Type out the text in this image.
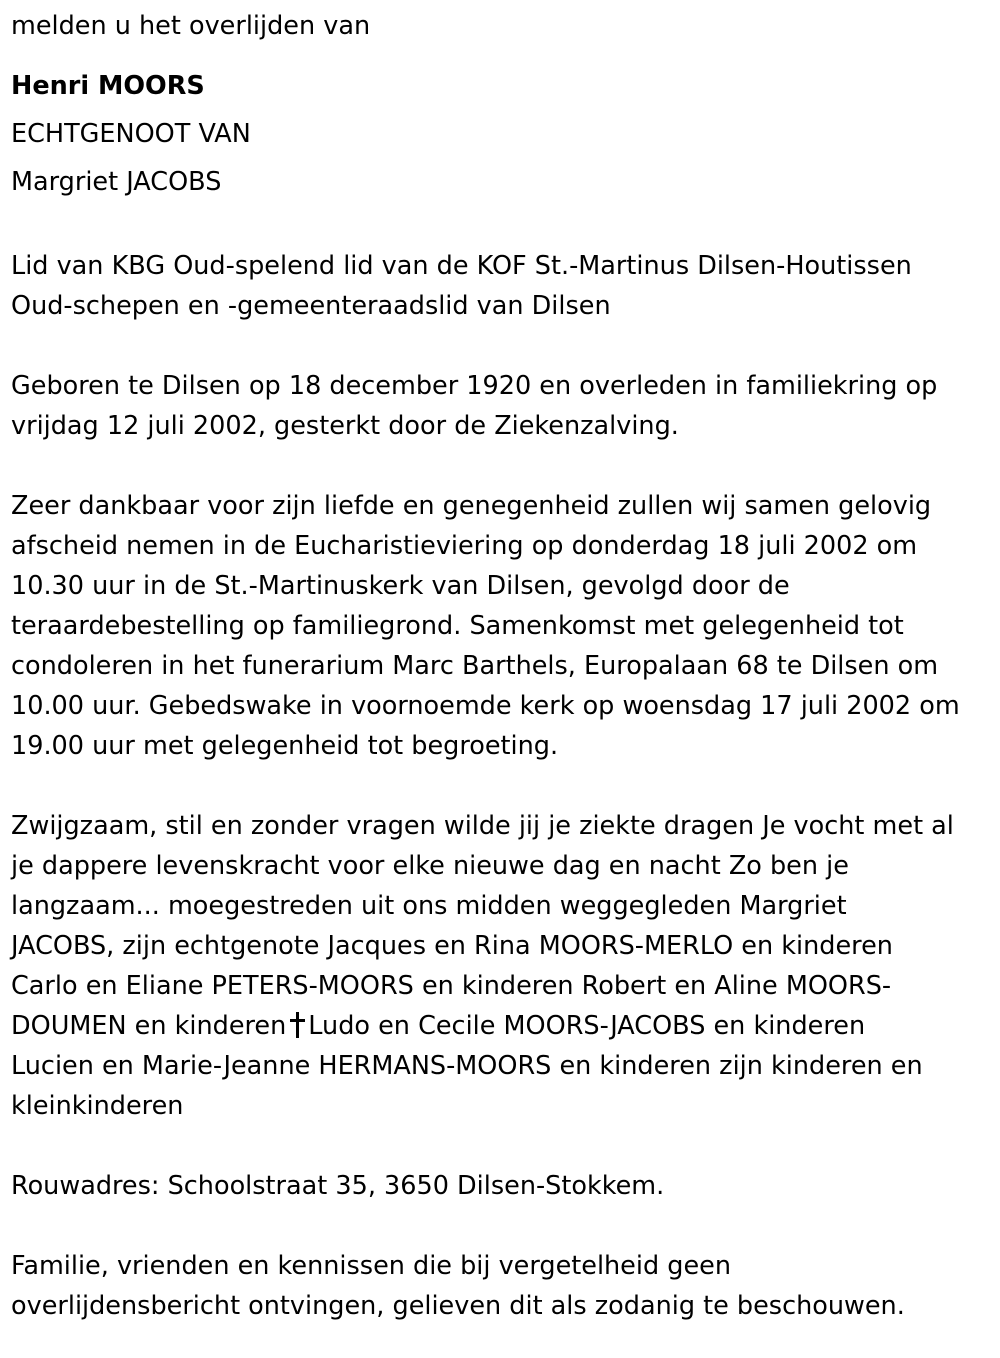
melden u het overlijden van
Henri MOORS
ECHTGENOOT VAN
Margriet JACOBS
Lid van KBG Oud-spelend lid van de KOF St.-Martinus Dilsen-Houtissen
Oud-schepen en -gemeenteraadslid van Dilsen
Geboren te Dilsen op 18 december 1920 en overleden in familiekring op
vrijdag 12 juli 2002, gesterkt door de Ziekenzalving.
Zeer dankbaar voor zijn liefde en genegenheid zullen wij samen gelovig
afscheid nemen in de Eucharistieviering op donderdag 18 juli 2002 om
10.30 uur in de St.-Martinuskerk van Dilsen, gevolgd door de
teraardebestelling op familiegrond. Samenkomst met gelegenheid tot
condoleren in het funerarium Marc Barthels, Europalaan 68 te Dilsen om
10.00 uur. Gebedswake in voornoemde kerk op woensdag 17 juli 2002 om
19.00 uur met gelegenheid tot begroeting.
Zwijgzaam, stil en zonder vragen wilde jij je ziekte dragen Je vocht met al
je dappere levenskracht voor elke nieuwe dag en nacht Zo ben je
langzaam... moegestreden uit ons midden weggegleden Margriet
JACOBS, zijn echtgenote Jacques en Rina MOORS-MERLO en kinderen
Carlo en Eliane PETERS-MOORS en kinderen Robert en Aline MOORS-
DOUMEN en kinderen Ludo en Cecile MOORS-JACOBS en kinderen
Lucien en Marie-Jeanne HERMANS-MOORS en kinderen zijn kinderen en
kleinkinderen
Rouwadres: Schoolstraat 35, 3650 Dilsen-Stokkem.
Familie, vrienden en kennissen die bij vergetelheid geen
overlijdensbericht ontvingen, gelieven dit als zodanig te beschouwen.
